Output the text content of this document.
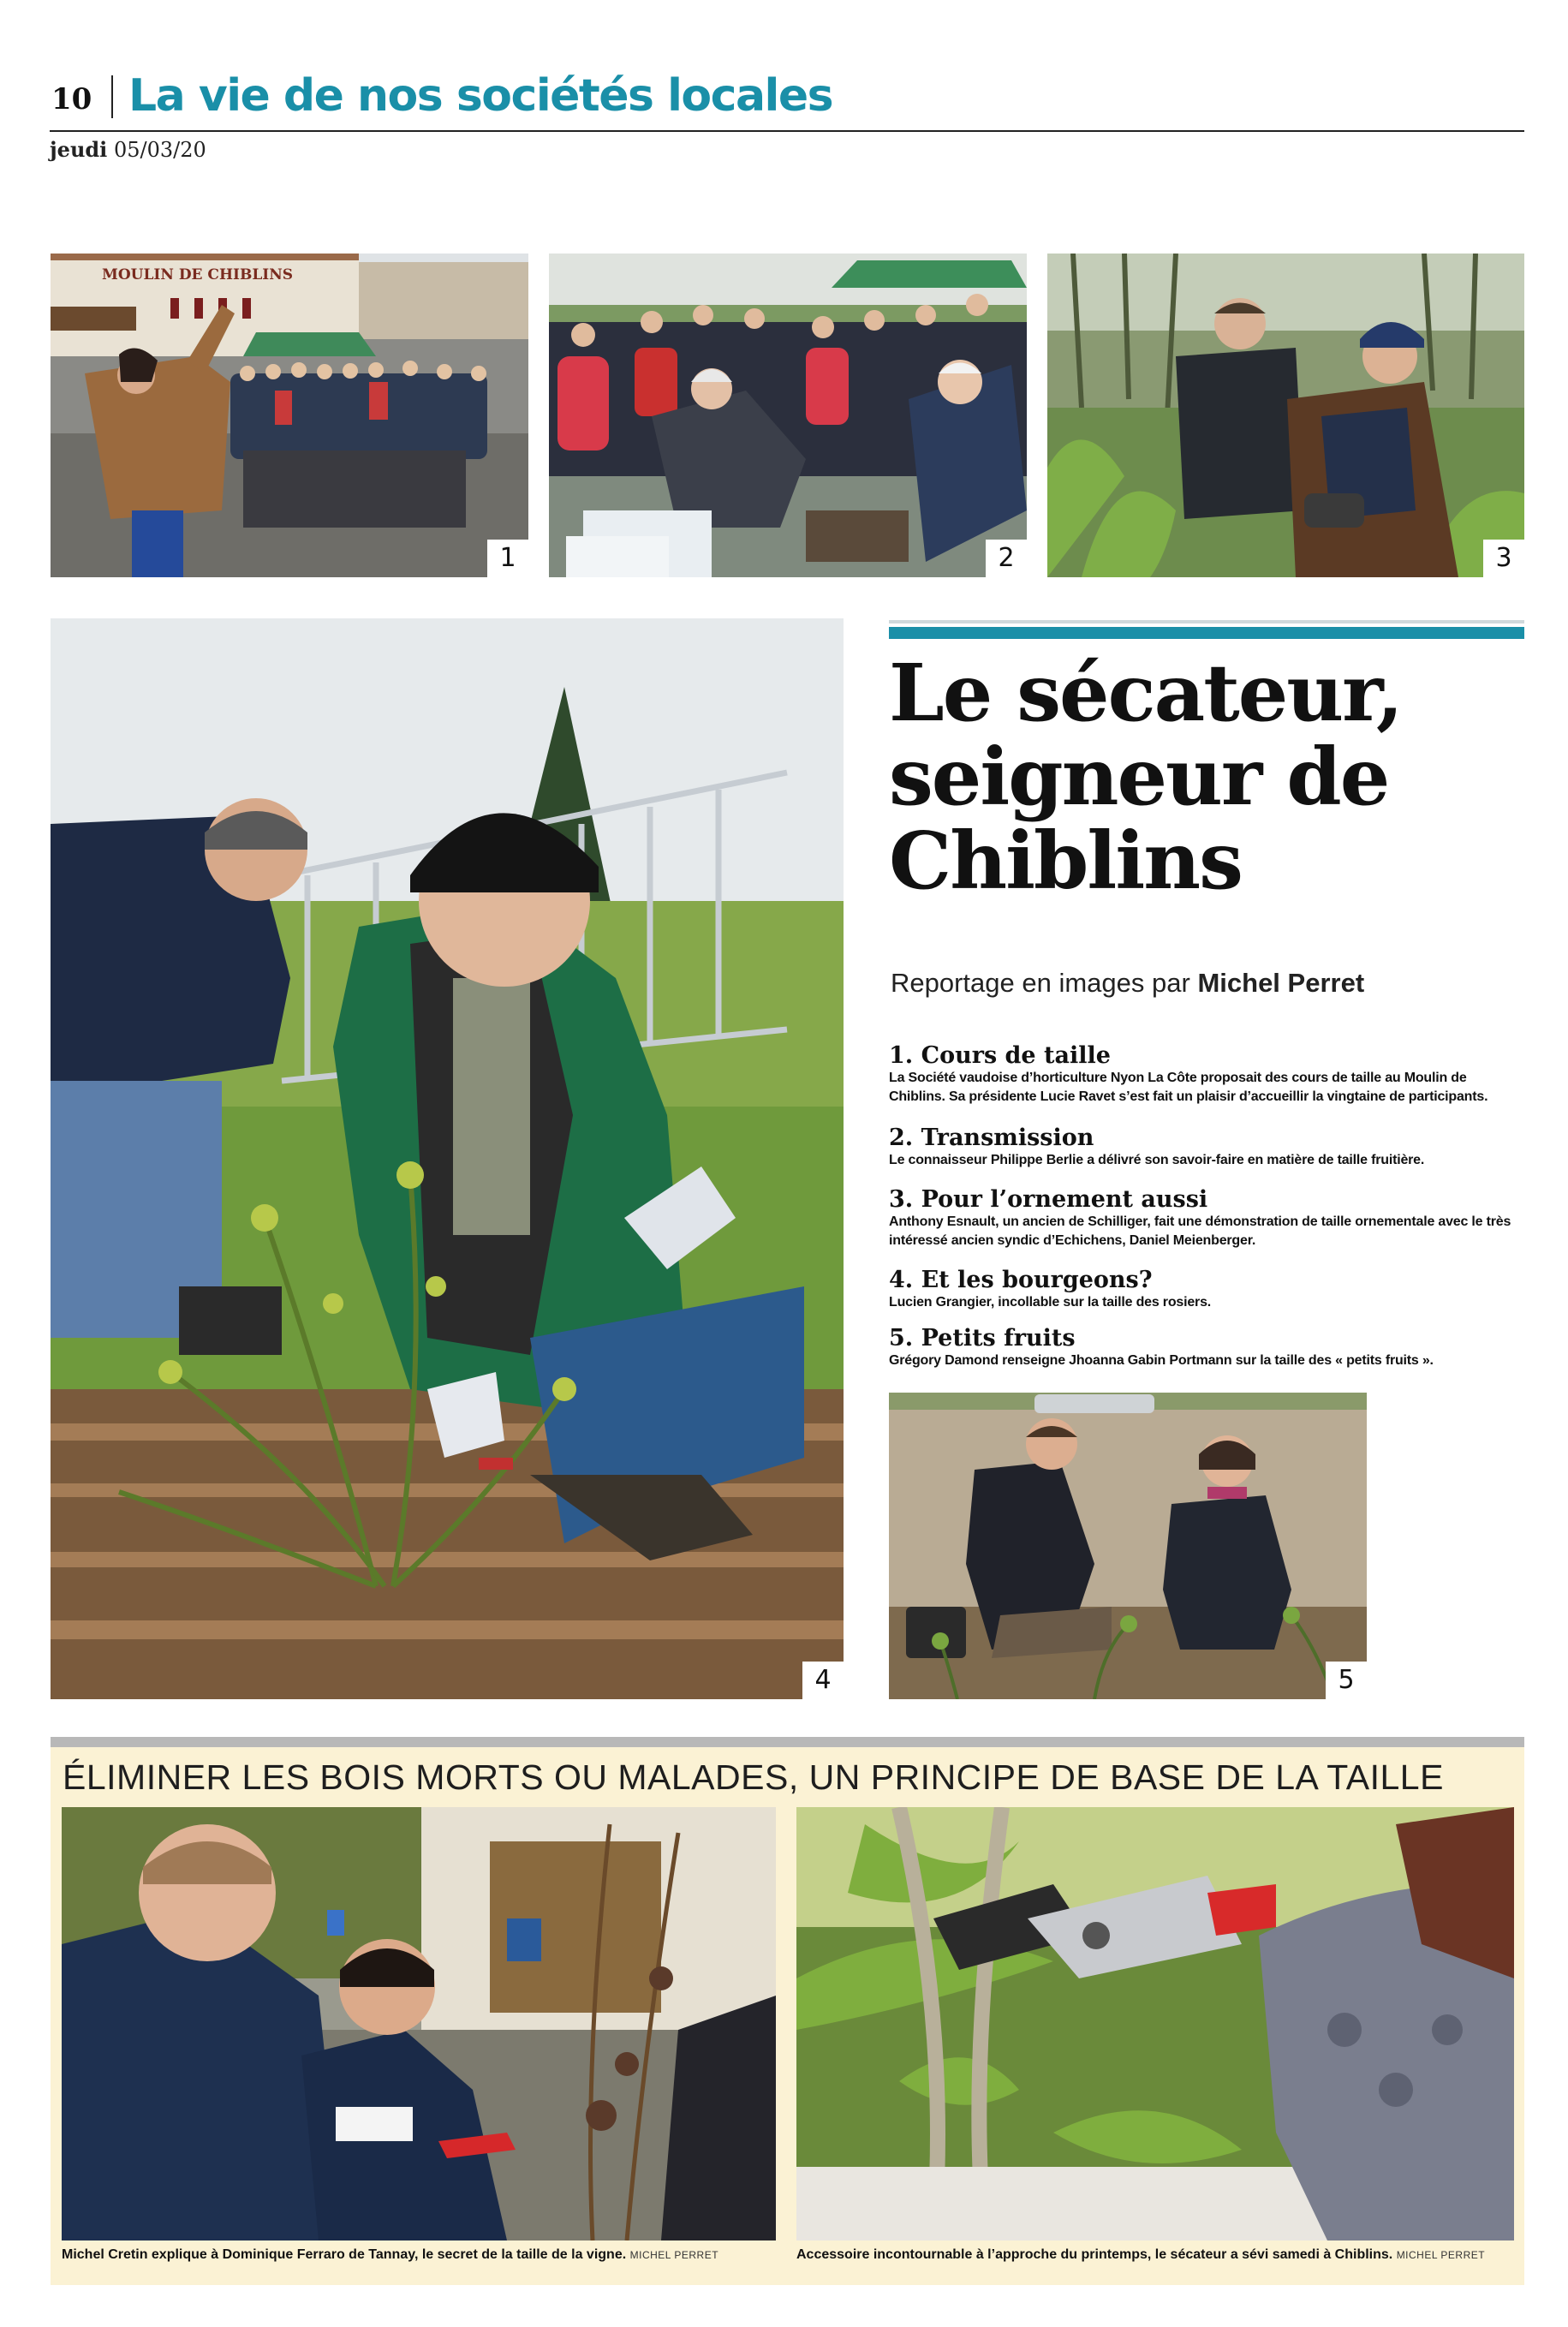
10 La vie de nos sociétés locales
jeudi 05/03/20
MOULIN DE CHIBLINS
1	2	3
4
Le sécateur,
seigneur de
Chiblins
Reportage en images par Michel Perret
1. Cours de taille
La Société vaudoise d’horticulture Nyon La Côte proposait des cours de taille au Moulin de Chiblins. Sa présidente Lucie Ravet s’est fait un plaisir d’accueillir la vingtaine de participants.
2. Transmission
Le connaisseur Philippe Berlie a délivré son savoir-faire en matière de taille fruitière.
3. Pour l’ornement aussi
Anthony Esnault, un ancien de Schilliger, fait une démonstration de taille ornementale avec le très intéressé ancien syndic d’Echichens, Daniel Meienberger.
4. Et les bourgeons?
Lucien Grangier, incollable sur la taille des rosiers.
5. Petits fruits
Grégory Damond renseigne Jhoanna Gabin Portmann sur la taille des « petits fruits ».
5
ÉLIMINER LES BOIS MORTS OU MALADES, UN PRINCIPE DE BASE DE LA TAILLE
Michel Cretin explique à Dominique Ferraro de Tannay, le secret de la taille de la vigne. MICHEL PERRET	Accessoire incontournable à l’approche du printemps, le sécateur a sévi samedi à Chiblins. MICHEL PERRET
